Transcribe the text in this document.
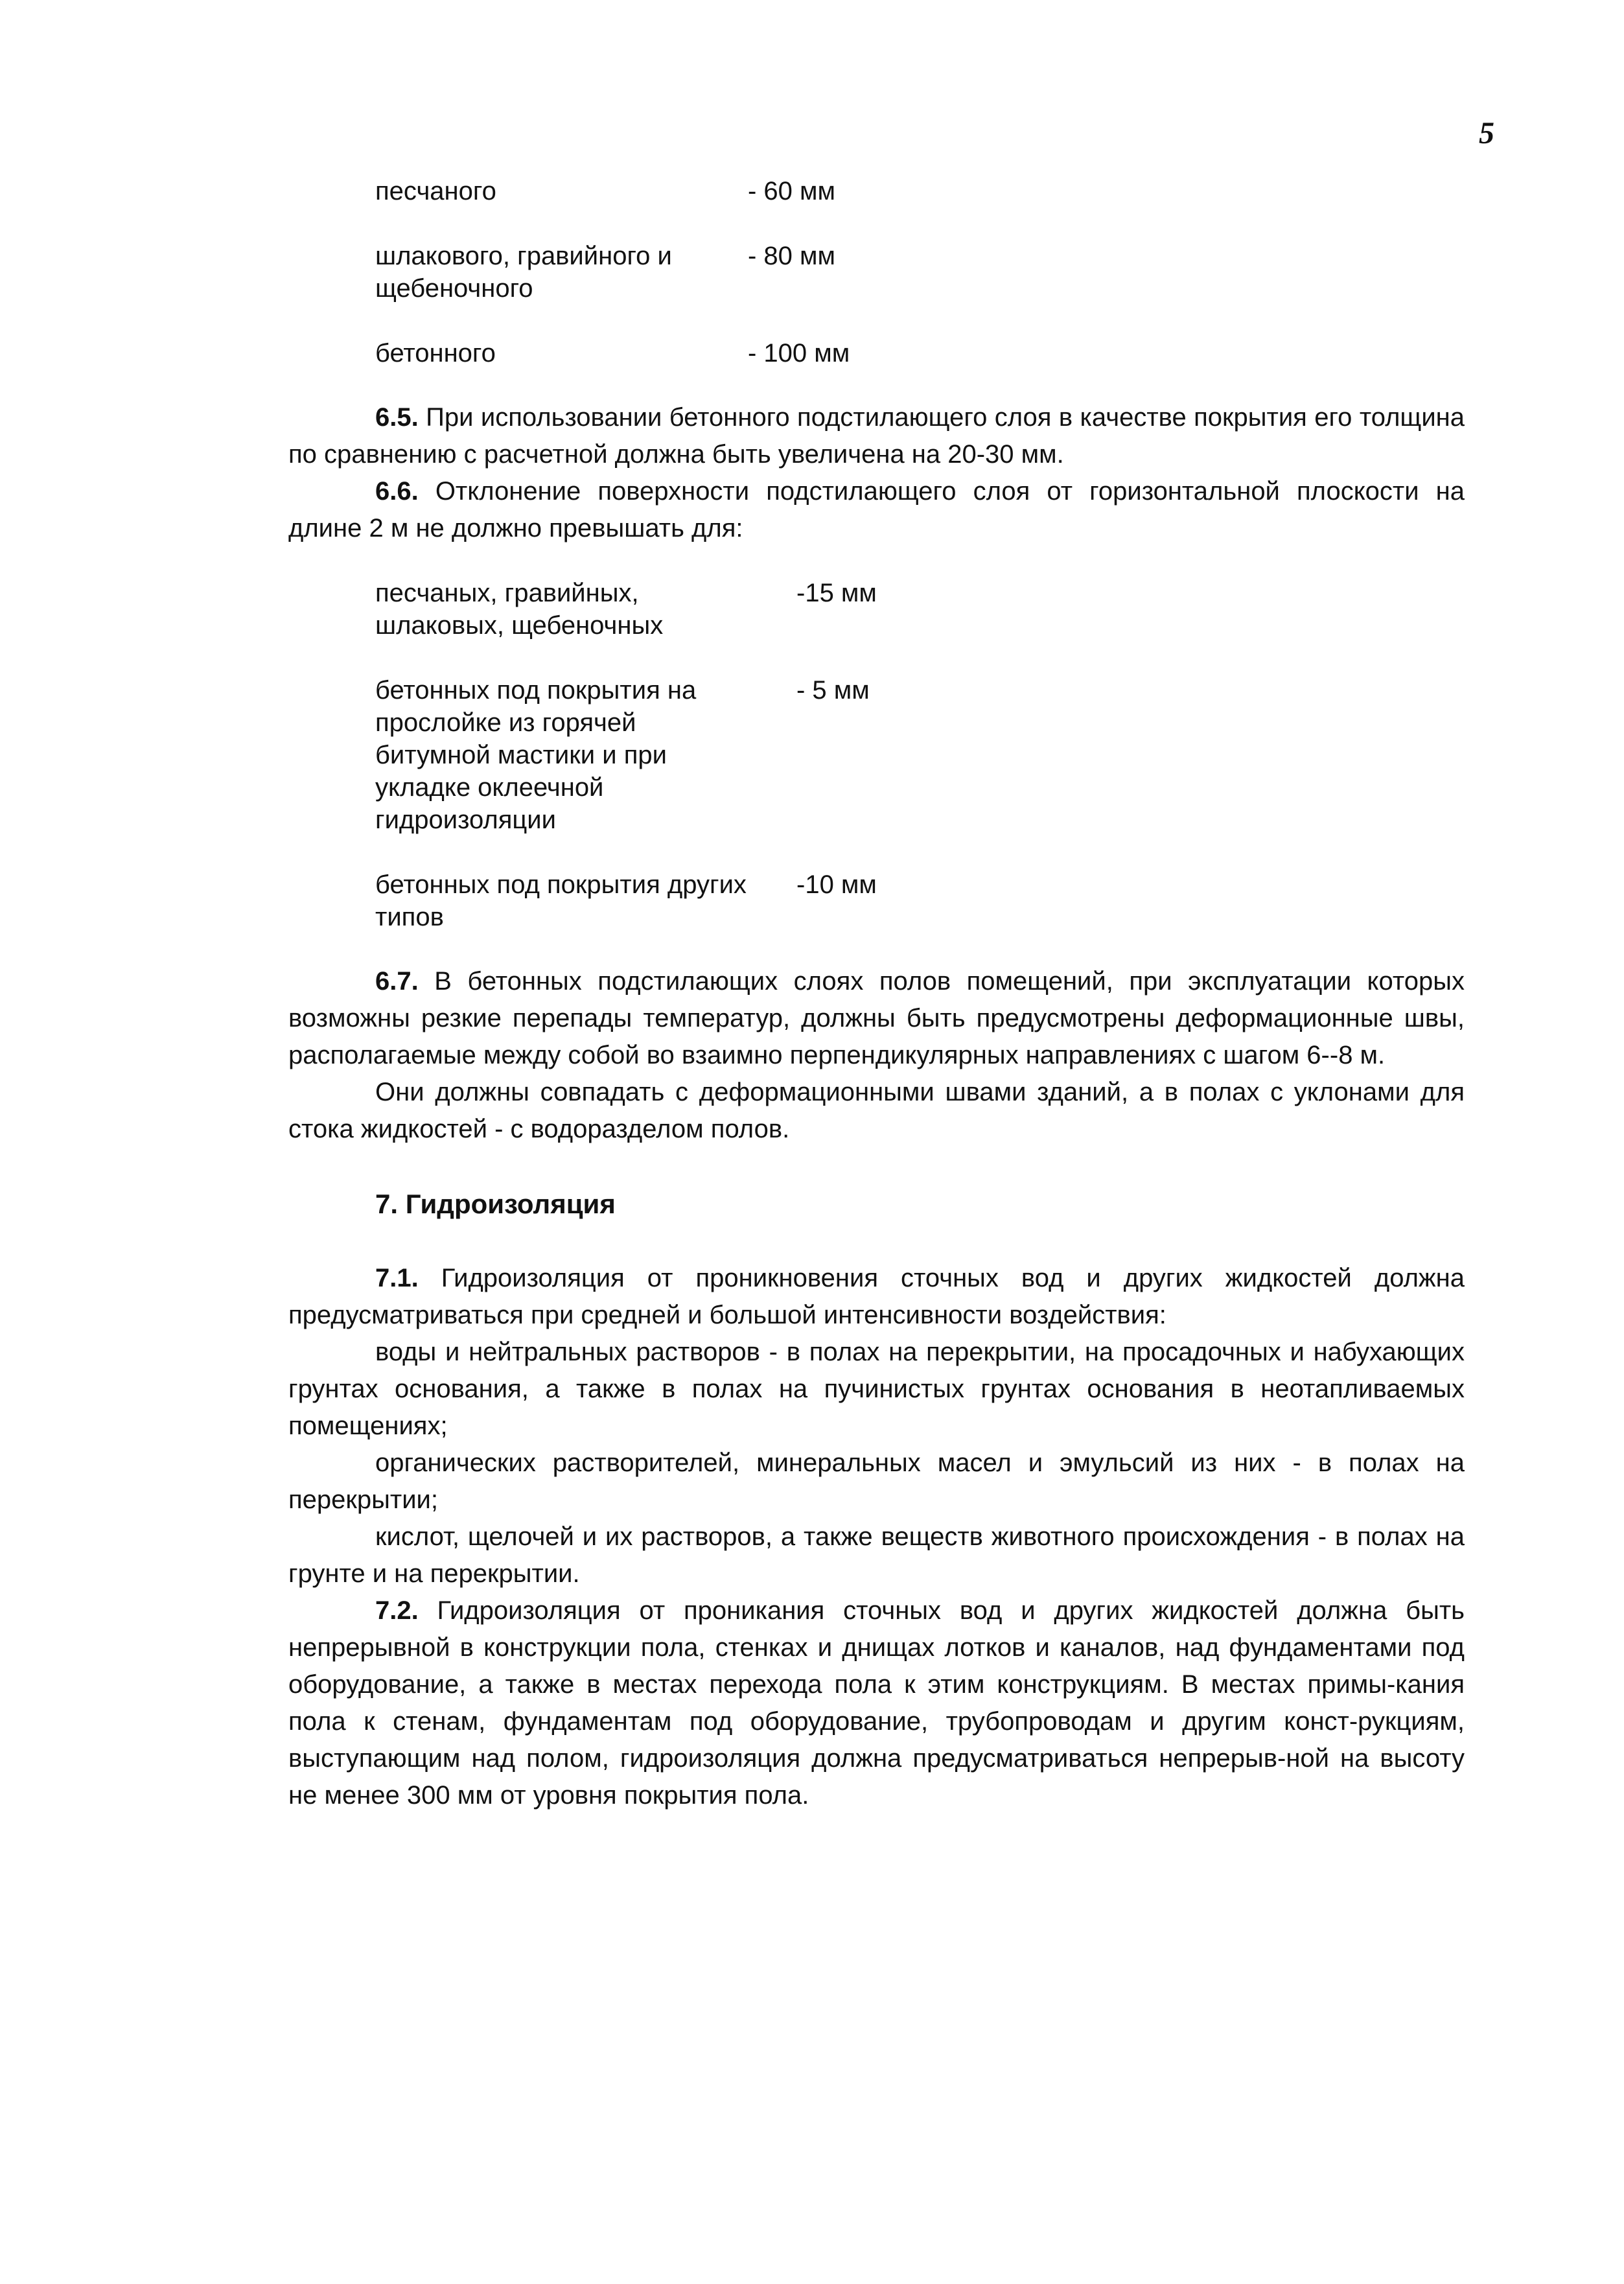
5
песчаного	- 60 мм

шлакового, гравийного и щебеночного	- 80 мм

бетонного	- 100 мм

6.5. При использовании бетонного подстилающего слоя в качестве покрытия его толщина по сравнению с расчетной должна быть увеличена на 20-30 мм.

6.6. Отклонение поверхности подстилающего слоя от горизонтальной плоскости на длине 2 м не должно превышать для:

песчаных, гравийных, шлаковых, щебеночных	-15 мм

бетонных под покрытия на прослойке из горячей битумной мастики и при укладке оклеечной гидроизоляции	- 5 мм

бетонных под покрытия других типов	-10 мм

6.7. В бетонных подстилающих слоях полов помещений, при эксплуатации которых возможны резкие перепады температур, должны быть предусмотрены деформационные швы, располагаемые между собой во взаимно перпендикулярных направлениях с шагом 6--8 м.

Они должны совпадать с деформационными швами зданий, а в полах с уклонами для стока жидкостей - с водоразделом полов.

7. Гидроизоляция

7.1. Гидроизоляция от проникновения сточных вод и других жидкостей должна предусматриваться при средней и большой интенсивности воздействия:

воды и нейтральных растворов - в полах на перекрытии, на просадочных и набухающих грунтах основания, а также в полах на пучинистых грунтах основания в неотапливаемых помещениях;

органических растворителей, минеральных масел и эмульсий из них - в полах на перекрытии;

кислот, щелочей и их растворов, а также веществ животного происхождения - в полах на грунте и на перекрытии.

7.2. Гидроизоляция от проникания сточных вод и других жидкостей должна быть непрерывной в конструкции пола, стенках и днищах лотков и каналов, над фундаментами под оборудование, а также в местах перехода пола к этим конструкциям. В местах примы-кания пола к стенам, фундаментам под оборудование, трубопроводам и другим конст-рукциям, выступающим над полом, гидроизоляция должна предусматриваться непрерыв-ной на высоту не менее 300 мм от уровня покрытия пола.
